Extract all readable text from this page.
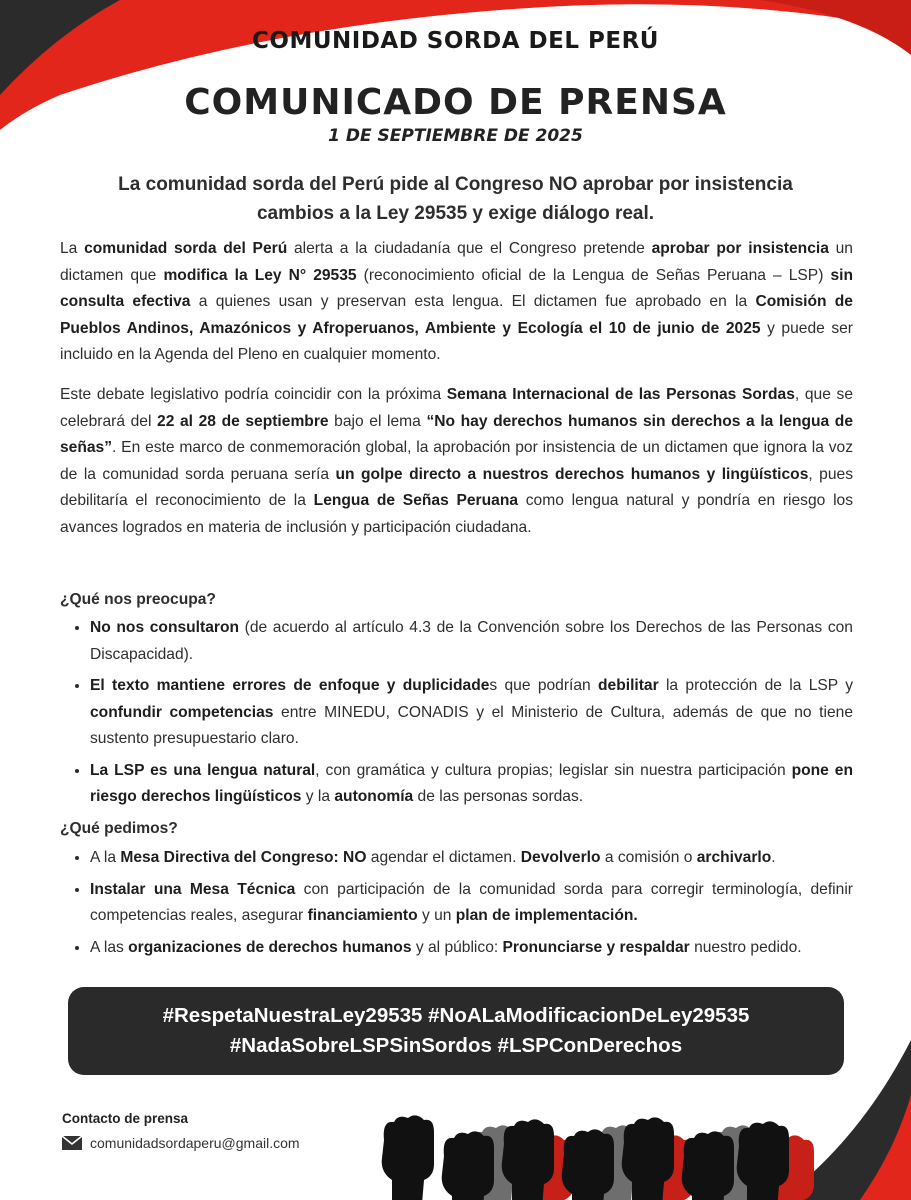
COMUNIDAD SORDA DEL PERÚ
COMUNICADO DE PRENSA
1 DE SEPTIEMBRE DE 2025
La comunidad sorda del Perú pide al Congreso NO aprobar por insistencia
cambios a la Ley 29535 y exige diálogo real.
La comunidad sorda del Perú alerta a la ciudadanía que el Congreso pretende aprobar por insistencia un dictamen que modifica la Ley N° 29535 (reconocimiento oficial de la Lengua de Señas Peruana – LSP) sin consulta efectiva a quienes usan y preservan esta lengua. El dictamen fue aprobado en la Comisión de Pueblos Andinos, Amazónicos y Afroperuanos, Ambiente y Ecología el 10 de junio de 2025 y puede ser incluido en la Agenda del Pleno en cualquier momento.
Este debate legislativo podría coincidir con la próxima Semana Internacional de las Personas Sordas, que se celebrará del 22 al 28 de septiembre bajo el lema “No hay derechos humanos sin derechos a la lengua de señas”. En este marco de conmemoración global, la aprobación por insistencia de un dictamen que ignora la voz de la comunidad sorda peruana sería un golpe directo a nuestros derechos humanos y lingüísticos, pues debilitaría el reconocimiento de la Lengua de Señas Peruana como lengua natural y pondría en riesgo los avances logrados en materia de inclusión y participación ciudadana.
¿Qué nos preocupa?
• No nos consultaron (de acuerdo al artículo 4.3 de la Convención sobre los Derechos de las Personas con Discapacidad).
• El texto mantiene errores de enfoque y duplicidades que podrían debilitar la protección de la LSP y confundir competencias entre MINEDU, CONADIS y el Ministerio de Cultura, además de que no tiene sustento presupuestario claro.
• La LSP es una lengua natural, con gramática y cultura propias; legislar sin nuestra participación pone en riesgo derechos lingüísticos y la autonomía de las personas sordas.
¿Qué pedimos?
• A la Mesa Directiva del Congreso: NO agendar el dictamen. Devolverlo a comisión o archivarlo.
• Instalar una Mesa Técnica con participación de la comunidad sorda para corregir terminología, definir competencias reales, asegurar financiamiento y un plan de implementación.
• A las organizaciones de derechos humanos y al público: Pronunciarse y respaldar nuestro pedido.
#RespetaNuestraLey29535 #NoALaModificacionDeLey29535
#NadaSobreLSPSinSordos #LSPConDerechos
Contacto de prensa
comunidadsordaperu@gmail.com
